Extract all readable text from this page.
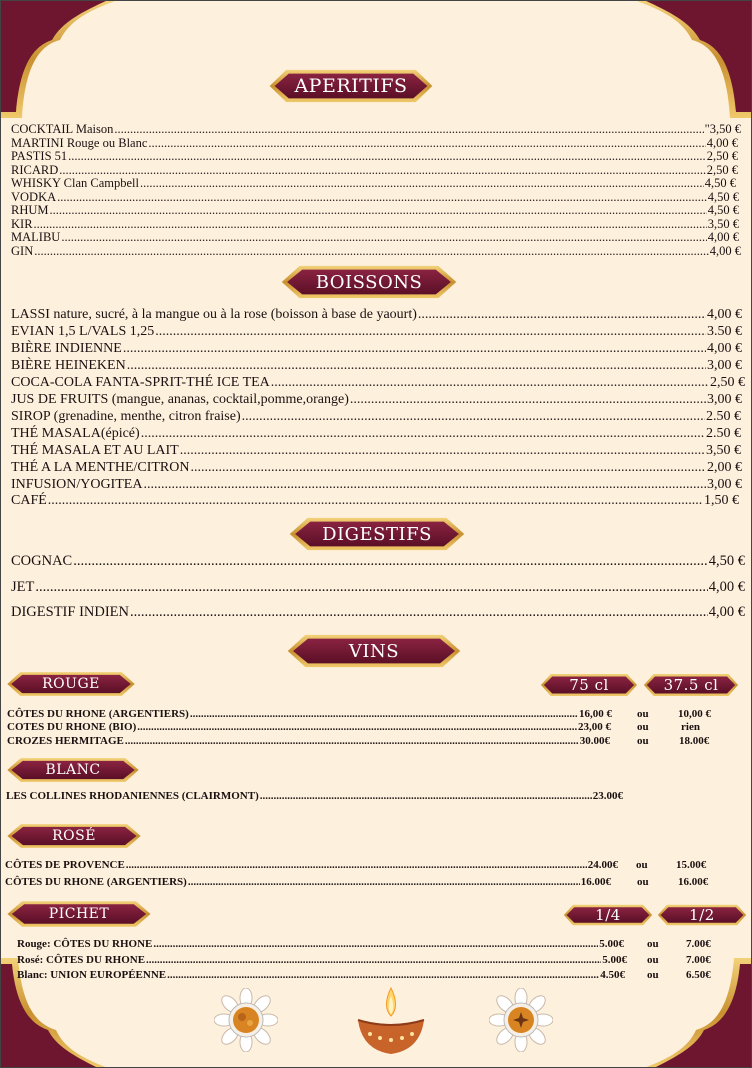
APERITIFS
BOISSONS
DIGESTIFS
VINS
ROUGE	75 cl	37.5 cl
BLANC
ROSÉ
PICHET	1/4	1/2
COCKTAIL Maison .....	"3,50 €
MARTINI Rouge ou Blanc .....	4,00 €
PASTIS 51 .....	2,50 €
RICARD .....	2,50 €
WHISKY Clan Campbell .....	4,50 €
VODKA .....	4,50 €
RHUM .....	4,50 €
KIR .....	3,50 €
MALIBU .....	4,00 €
GIN .....	4,00 €
LASSI nature, sucré, à la mangue ou à la rose (boisson à base de yaourt) .....	4,00 €
EVIAN 1,5 L/VALS 1,25 .....	3.50 €
BIÈRE INDIENNE .....	4,00 €
BIÈRE HEINEKEN .....	3,00 €
COCA-COLA FANTA-SPRIT-THÉ ICE TEA .....	2,50 €
JUS DE FRUITS (mangue, ananas, cocktail,pomme,orange) .....	3,00 €
SIROP (grenadine, menthe, citron fraise) .....	2.50 €
THÉ MASALA(épicé) .....	2.50 €
THÉ MASALA ET AU LAIT .....	3,50 €
THÉ A LA MENTHE/CITRON .....	2,00 €
INFUSION/YOGITEA .....	3,00 €
CAFÉ .....	1,50 €
COGNAC .....	4,50 €
JET .....	4,00 €
DIGESTIF INDIEN .....	4,00 €
CÔTES DU RHONE (ARGENTIERS) .....	16,00 € ou	10,00 €
COTES DU RHONE (BIO) .....	23,00 € ou	rien
CROZES HERMITAGE .....	30.00€ ou	18.00€
LES COLLINES RHODANIENNES (CLAIRMONT) .....	23.00€
CÔTES DE PROVENCE .....	24.00€ ou	15.00€
CÔTES DU RHONE (ARGENTIERS) .....	16.00€ ou	16.00€
Rouge: CÔTES DU RHONE .....	5.00€ ou 7.00€
Rosé: CÔTES DU RHONE .....	5.00€ ou 7.00€
Blanc: UNION EUROPÉENNE .....	4.50€ ou 6.50€
